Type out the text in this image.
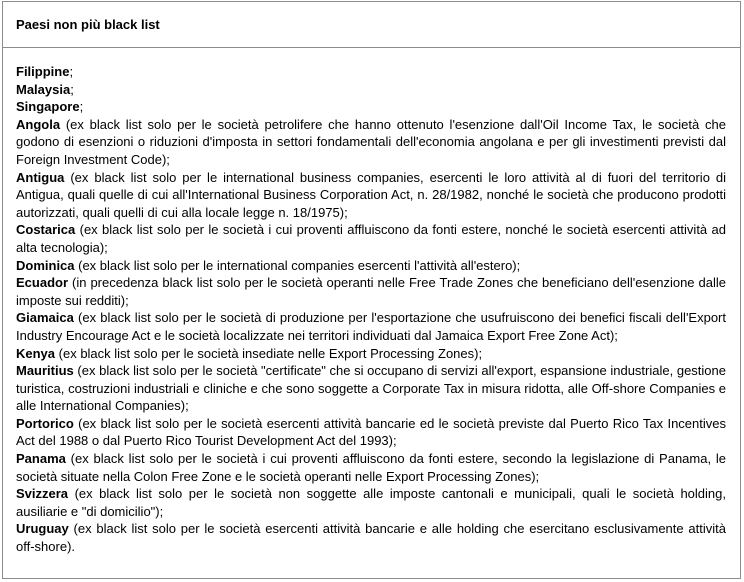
Paesi non più black list

Filippine;

Malaysia;

Singapore;

Angola (ex black list solo per le società petrolifere che hanno ottenuto l'esenzione dall'Oil Income Tax, le società che godono di esenzioni o riduzioni d'imposta in settori fondamentali dell'economia angolana e per gli investimenti previsti dal Foreign Investment Code);

Antigua (ex black list solo per le international business companies, esercenti le loro attività al di fuori del territorio di Antigua, quali quelle di cui all'International Business Corporation Act, n. 28/1982, nonché le società che producono prodotti autorizzati, quali quelli di cui alla locale legge n. 18/1975);

Costarica (ex black list solo per le società i cui proventi affluiscono da fonti estere, nonché le società esercenti attività ad alta tecnologia);

Dominica (ex black list solo per le international companies esercenti l'attività all'estero);

Ecuador (in precedenza black list solo per le società operanti nelle Free Trade Zones che beneficiano dell'esenzione dalle imposte sui redditi);

Giamaica (ex black list solo per le società di produzione per l'esportazione che usufruiscono dei benefici fiscali dell'Export Industry Encourage Act e le società localizzate nei territori individuati dal Jamaica Export Free Zone Act);

Kenya (ex black list solo per le società insediate nelle Export Processing Zones);

Mauritius (ex black list solo per le società "certificate" che si occupano di servizi all'export, espansione industriale, gestione turistica, costruzioni industriali e cliniche e che sono soggette a Corporate Tax in misura ridotta, alle Off-shore Companies e alle International Companies);

Portorico (ex black list solo per le società esercenti attività bancarie ed le società previste dal Puerto Rico Tax Incentives Act del 1988 o dal Puerto Rico Tourist Development Act del 1993);

Panama (ex black list solo per le società i cui proventi affluiscono da fonti estere, secondo la legislazione di Panama, le società situate nella Colon Free Zone e le società operanti nelle Export Processing Zones);

Svizzera (ex black list solo per le società non soggette alle imposte cantonali e municipali, quali le società holding, ausiliarie e "di domicilio");

Uruguay (ex black list solo per le società esercenti attività bancarie e alle holding che esercitano esclusivamente attività off-shore).
